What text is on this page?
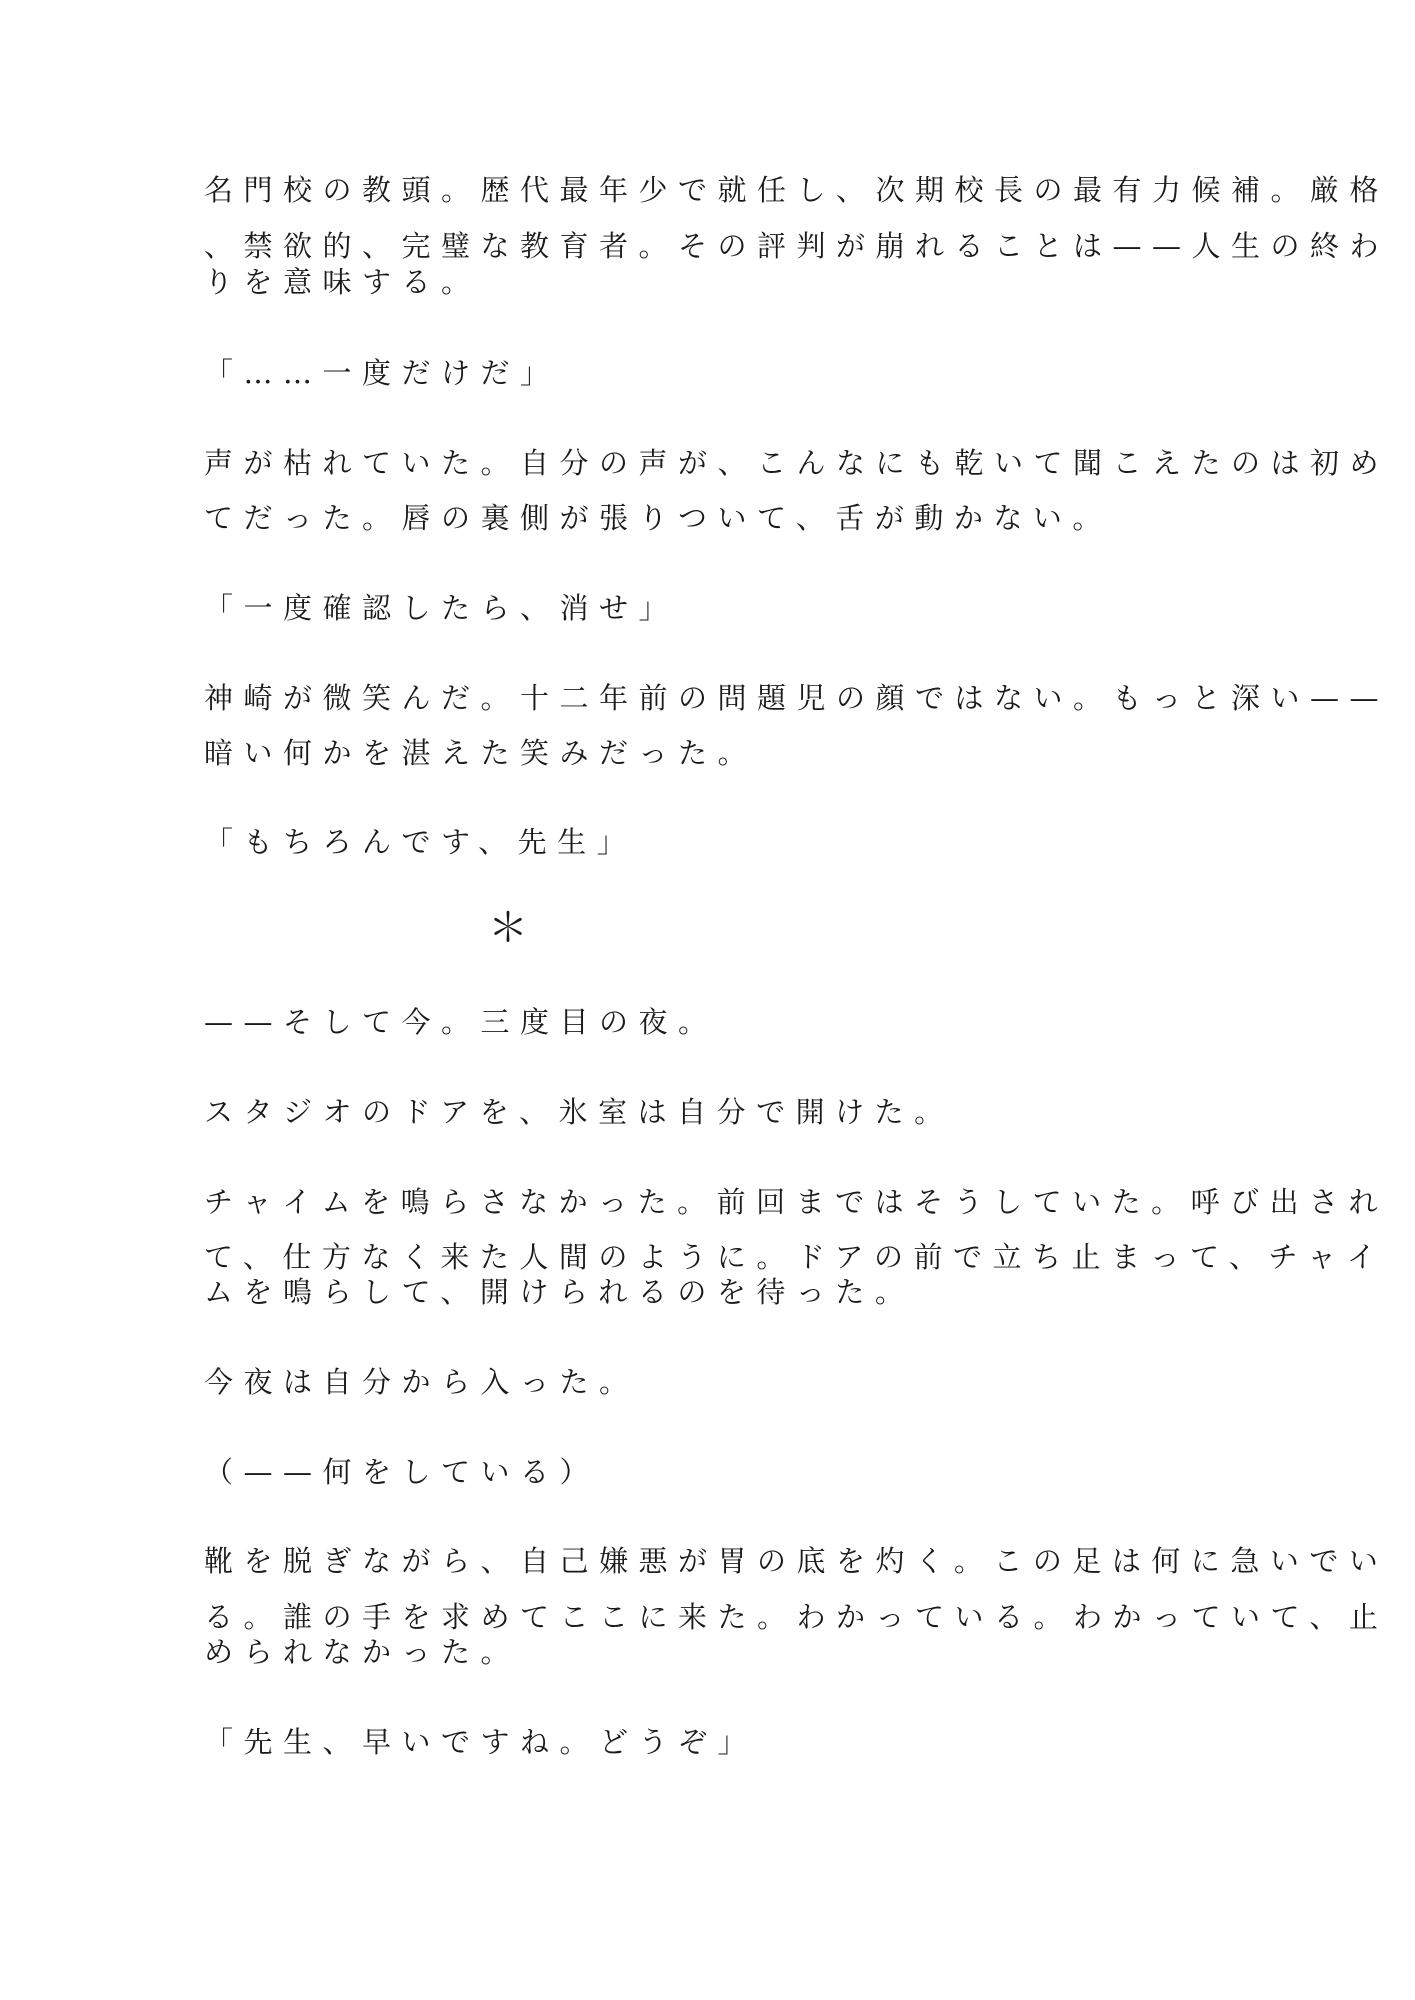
名門校の教頭。歴代最年少で就任し、次期校長の最有力候補。厳格
、禁欲的、完璧な教育者。その評判が崩れることは——人生の終わ
りを意味する。
「……一度だけだ」
声が枯れていた。自分の声が、こんなにも乾いて聞こえたのは初め
てだった。唇の裏側が張りついて、舌が動かない。
「一度確認したら、消せ」
神崎が微笑んだ。十二年前の問題児の顔ではない。もっと深い——
暗い何かを湛えた笑みだった。
「もちろんです、先生」
＊
——そして今。三度目の夜。
スタジオのドアを、氷室は自分で開けた。
チャイムを鳴らさなかった。前回まではそうしていた。呼び出され
て、仕方なく来た人間のように。ドアの前で立ち止まって、チャイ
ムを鳴らして、開けられるのを待った。
今夜は自分から入った。
（——何をしている）
靴を脱ぎながら、自己嫌悪が胃の底を灼く。この足は何に急いでい
る。誰の手を求めてここに来た。わかっている。わかっていて、止
められなかった。
「先生、早いですね。どうぞ」
